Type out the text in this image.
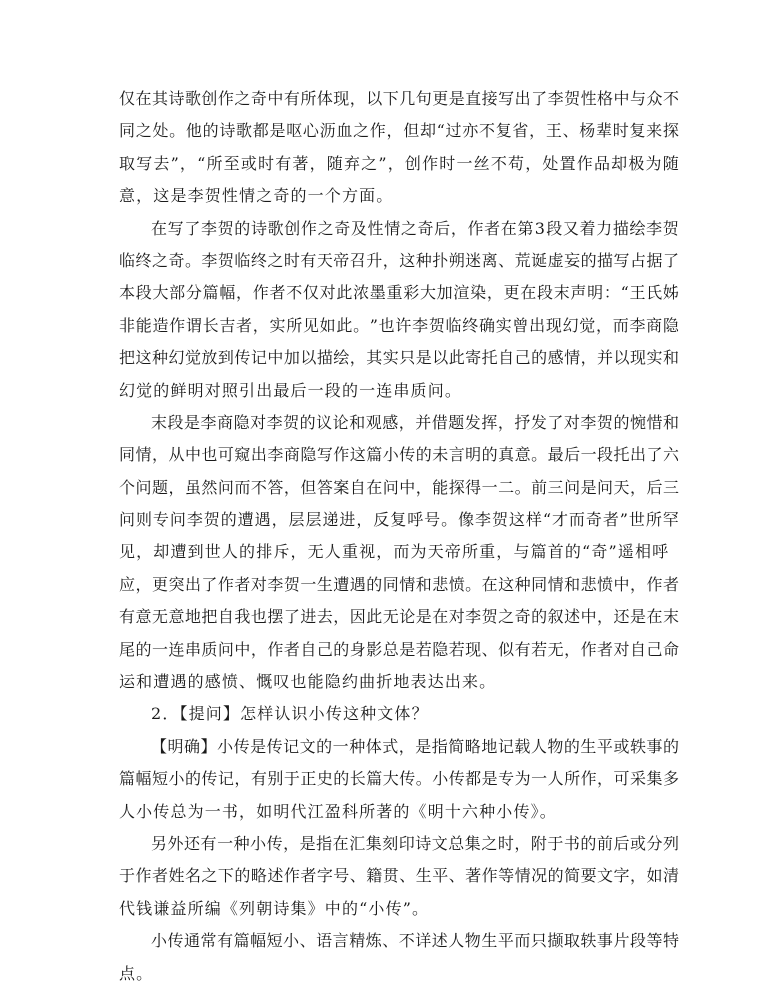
仅 在 其 诗 歌 创 作 之 奇 中 有 所 体 现 ， 以 下 几 句 更 是 直 接 写 出 了 李 贺 性 格 中 与 众 不
同 之 处 。 他 的 诗 歌 都 是 呕 心 沥 血 之 作 ， 但 却 “ 过 亦 不 复 省 ， 王 、 杨 辈 时 复 来 探
取 写 去 ” ， “ 所 至 或 时 有 著 ， 随 弃 之 ” ， 创 作 时 一 丝 不 苟 ， 处 置 作 品 却 极 为 随
意，这是李贺性情之奇的一个方面。
在 写 了 李 贺 的 诗 歌 创 作 之 奇 及 性 情 之 奇 后 ， 作 者 在 第 3 段 又 着 力 描 绘 李 贺
临 终 之 奇 。 李 贺 临 终 之 时 有 天 帝 召 升 ， 这 种 扑 朔 迷 离 、 荒 诞 虚 妄 的 描 写 占 据 了
本 段 大 部 分 篇 幅 ， 作 者 不 仅 对 此 浓 墨 重 彩 大 加 渲 染 ， 更 在 段 末 声 明 ： “ 王 氏 姊
非 能 造 作 谓 长 吉 者 ， 实 所 见 如 此 。 ” 也 许 李 贺 临 终 确 实 曾 出 现 幻 觉 ， 而 李 商 隐
把 这 种 幻 觉 放 到 传 记 中 加 以 描 绘 ， 其 实 只 是 以 此 寄 托 自 己 的 感 情 ， 并 以 现 实 和
幻觉的鲜明对照引出最后一段的一连串质问。
末 段 是 李 商 隐 对 李 贺 的 议 论 和 观 感 ， 并 借 题 发 挥 ， 抒 发 了 对 李 贺 的 惋 惜 和
同 情 ， 从 中 也 可 窥 出 李 商 隐 写 作 这 篇 小 传 的 未 言 明 的 真 意 。 最 后 一 段 托 出 了 六
个 问 题 ， 虽 然 问 而 不 答 ， 但 答 案 自 在 问 中 ， 能 探 得 一 二 。 前 三 问 是 问 天 ， 后 三
问 则 专 问 李 贺 的 遭 遇 ， 层 层 递 进 ， 反 复 呼 号 。 像 李 贺 这 样 “ 才 而 奇 者 ” 世 所 罕
见，却遭到世人的排斥，无人重视，而为天帝所重，与篇首的“奇”遥相呼
应 ， 更 突 出 了 作 者 对 李 贺 一 生 遭 遇 的 同 情 和 悲 愤 。 在 这 种 同 情 和 悲 愤 中 ， 作 者
有 意 无 意 地 把 自 我 也 摆 了 进 去 ， 因 此 无 论 是 在 对 李 贺 之 奇 的 叙 述 中 ， 还 是 在 末
尾 的 一 连 串 质 问 中 ， 作 者 自 己 的 身 影 总 是 若 隐 若 现 、 似 有 若 无 ， 作 者 对 自 己 命
运和遭遇的感愤、慨叹也能隐约曲折地表达出来。
2．【提问】怎样认识小传这种文体？
【 明 确 】 小 传 是 传 记 文 的 一 种 体 式 ， 是 指 简 略 地 记 载 人 物 的 生 平 或 轶 事 的
篇 幅 短 小 的 传 记 ， 有 别 于 正 史 的 长 篇 大 传 。 小 传 都 是 专 为 一 人 所 作 ， 可 采 集 多
人小传总为一书，如明代江盈科所著的《明十六种小传》。
另 外 还 有 一 种 小 传 ， 是 指 在 汇 集 刻 印 诗 文 总 集 之 时 ， 附 于 书 的 前 后 或 分 列
于 作 者 姓 名 之 下 的 略 述 作 者 字 号 、 籍 贯 、 生 平 、 著 作 等 情 况 的 简 要 文 字 ， 如 清
代钱谦益所编《列朝诗集》中的“小传”。
小 传 通 常 有 篇 幅 短 小 、 语 言 精 炼 、 不 详 述 人 物 生 平 而 只 撷 取 轶 事 片 段 等 特
点。
